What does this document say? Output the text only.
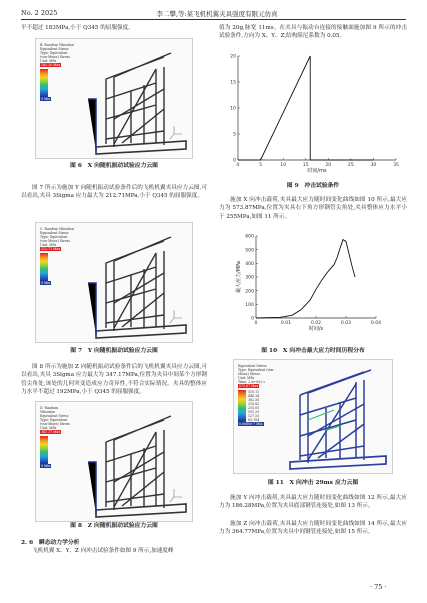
No. 2 2025	李二攀,等:某飞机机翼夹具强度有限元仿真
平不超过 183MPa,小于 Q345 的屈服强度。
B: Random Vibration
Equivalent Stress
Type: Equivalent (von-Mises) Stress
Unit: MPa
183.20 Max
0 Min
图 6　X 向随机振动试验应力云图
图 7 所示为施加 Y 向随机振动试验条件后的飞机机翼夹具应力云图,可以看出,夹具 3Sigma 应力最大为 212.71MPa,小于 Q345 的屈服强度。
C: Random Vibration
Equivalent Stress
Type: Equivalent (von-Mises) Stress
Unit: MPa
212.71 Max
0 Min
图 7　Y 向随机振动试验应力云图
图 8 所示为施加 Z 向随机振动试验条件后的飞机机翼夹具应力云图,可以看出,夹具 3Sigma 应力最大为 347.17MPa,位置为夹具中间某个方形钢管尖角处,该处的几何突变造成应力奇异性,不符合实际情况。夹具的整体应力水平不超过 192MPa,小于 Q345 的屈服强度。
D: Random Vibration
Equivalent Stress
Type: Equivalent (von-Mises) Stress
Unit: MPa
347.17 Max
0 Min
图 8　Z 向随机振动试验应力云图
2. 6　瞬态动力学分析
飞机机翼 X、Y、Z 向冲击试验条件如图 9 所示,加速度峰
值为 20g,脉宽 11ms。在夹具与振动台连接的接触面施加图 9 所示的冲击试验条件,方向为 X、Y、Z,结构阻尼系数为 0.05。
0	5	10	15	20	25	30	35
0
5
10
15
20
时间/ms
图 9　冲击试验条件
施加 X 向冲击载荷,夹具最大应力随时间变化曲线如图 10 所示,最大应力为 573.87MPa,位置为夹具右下角方形钢管尖角处,夹具整体应力水平小于 255MPa,如图 11 所示。
0	0.01	0.02	0.03	0.04
0
100
200
300
400
500
600
时间/s
最大应力/MPa
图 10　X 向冲击最大应力时间历程分布
Equivalent Stress
Type: Equivalent (von-Mises) Stress
Unit: MPa
Time: 2.9e-002 s
573.87 Max
510.11
446.34
382.58
318.82
255.05
191.29
127.53
63.764
0.0080e-7 Min
图 11　X 向冲击 29ms 应力云图
施加 Y 向冲击载荷,夹具最大应力随时间变化曲线如图 12 所示,最大应力为 186.28MPa,位置为夹具底部钢管连接处,如图 13 所示。
施加 Z 向冲击载荷,夹具最大应力随时间变化曲线如图 14 所示,最大应力为 364.77MPa,位置为夹具中间钢管连接处,如图 15 所示。
· 75 ·
